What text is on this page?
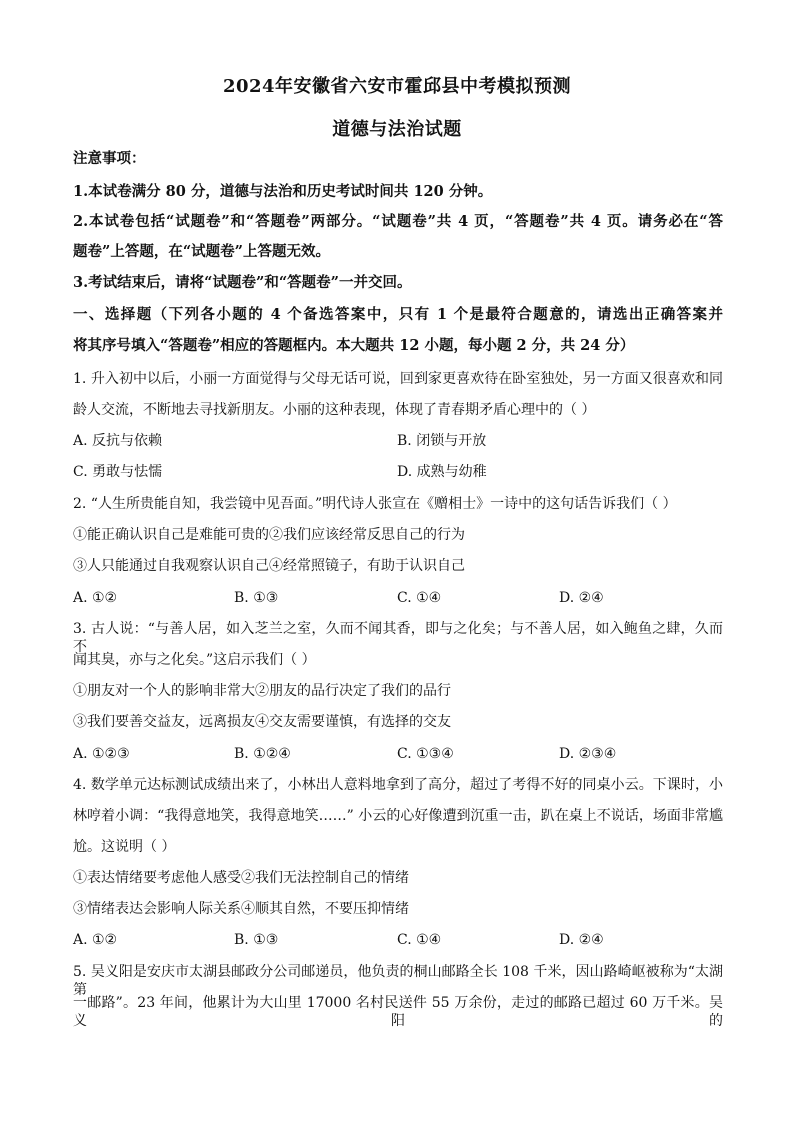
2024年安徽省六安市霍邱县中考模拟预测
道德与法治试题
注意事项：
1.本试卷满分 80 分，道德与法治和历史考试时间共 120 分钟。
2.本试卷包括“试题卷”和“答题卷”两部分。“试题卷”共 4 页，“答题卷”共 4 页。请务必在“答
题卷”上答题，在“试题卷”上答题无效。
3.考试结束后，请将“试题卷”和“答题卷”一并交回。
一、选择题（下列各小题的 4 个备选答案中，只有 1 个是最符合题意的，请选出正确答案并
将其序号填入“答题卷”相应的答题框内。本大题共 12 小题，每小题 2 分，共 24 分）
1. 升入初中以后，小丽一方面觉得与父母无话可说，回到家更喜欢待在卧室独处，另一方面又很喜欢和同
龄人交流，不断地去寻找新朋友。小丽的这种表现，体现了青春期矛盾心理中的（ ）
A. 反抗与依赖	B. 闭锁与开放
C. 勇敢与怯懦	D. 成熟与幼稚
2. “人生所贵能自知，我尝镜中见吾面。”明代诗人张宣在《赠相士》一诗中的这句话告诉我们（ ）
①能正确认识自己是难能可贵的②我们应该经常反思自己的行为
③人只能通过自我观察认识自己④经常照镜子，有助于认识自己
A. ①②	B. ①③	C. ①④	D. ②④
3. 古人说：“与善人居，如入芝兰之室，久而不闻其香，即与之化矣；与不善人居，如入鲍鱼之肆，久而不
闻其臭，亦与之化矣。”这启示我们（ ）
①朋友对一个人的影响非常大②朋友的品行决定了我们的品行
③我们要善交益友，远离损友④交友需要谨慎，有选择的交友
A. ①②③	B. ①②④	C. ①③④	D. ②③④
4. 数学单元达标测试成绩出来了，小林出人意料地拿到了高分，超过了考得不好的同桌小云。下课时，小
林哼着小调：“我得意地笑，我得意地笑……” 小云的心好像遭到沉重一击，趴在桌上不说话，场面非常尴
尬。这说明（ ）
①表达情绪要考虑他人感受②我们无法控制自己的情绪
③情绪表达会影响人际关系④顺其自然，不要压抑情绪
A. ①②	B. ①③	C. ①④	D. ②④
5. 吴义阳是安庆市太湖县邮政分公司邮递员，他负责的桐山邮路全长 108 千米，因山路崎岖被称为“太湖第
一邮路”。23 年间，他累计为大山里 17000 名村民送件 55 万余份，走过的邮路已超过 60 万千米。吴义阳的
